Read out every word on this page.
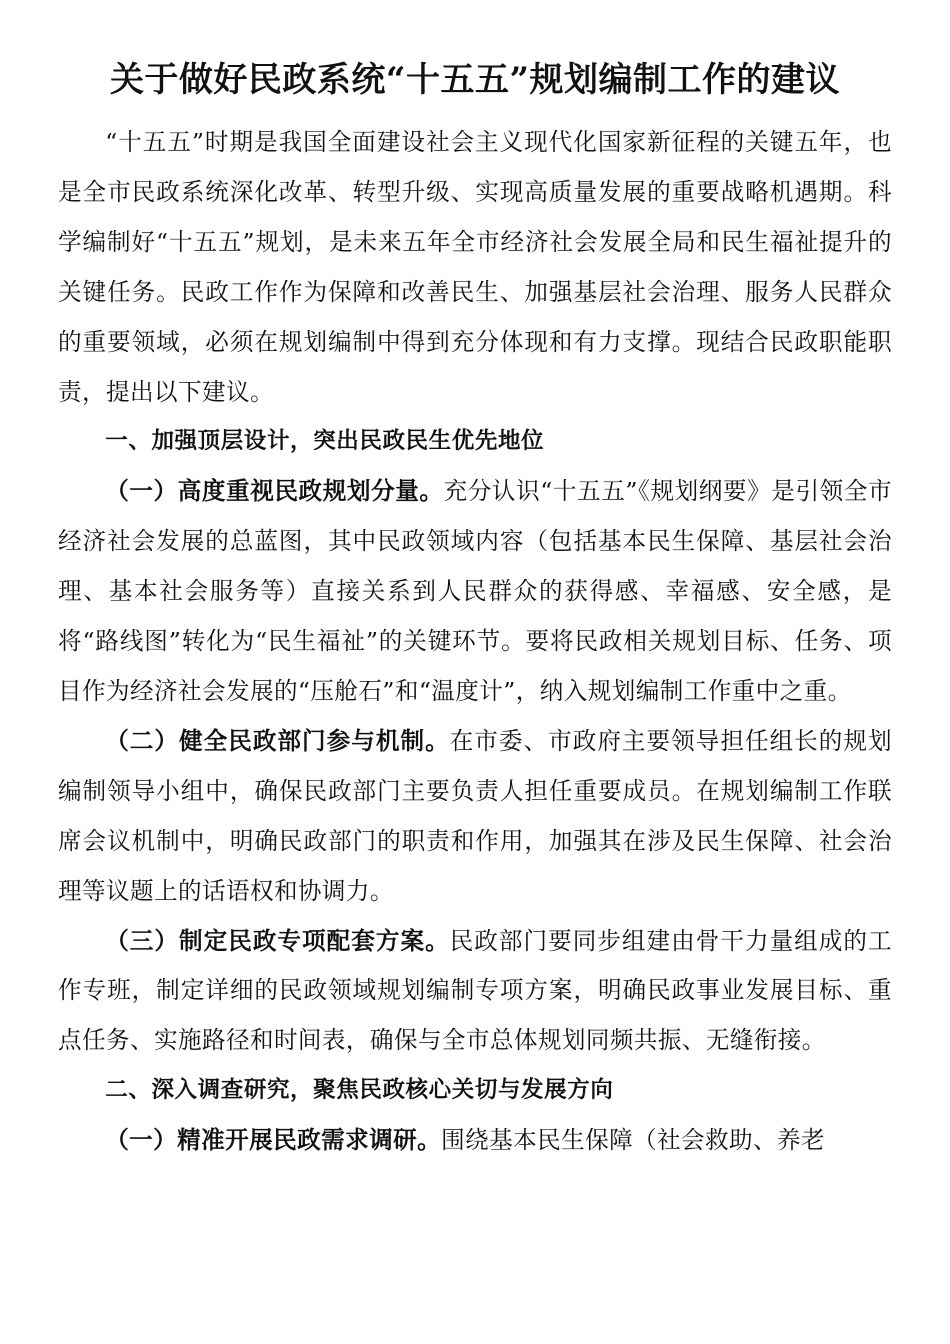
关于做好民政系统“十五五”规划编制工作的建议

“十五五”时期是我国全面建设社会主义现代化国家新征程的关键五年，也是全市民政系统深化改革、转型升级、实现高质量发展的重要战略机遇期。科学编制好“十五五”规划，是未来五年全市经济社会发展全局和民生福祉提升的关键任务。民政工作作为保障和改善民生、加强基层社会治理、服务人民群众的重要领域，必须在规划编制中得到充分体现和有力支撑。现结合民政职能职责，提出以下建议。

一、加强顶层设计，突出民政民生优先地位

（一）高度重视民政规划分量。充分认识“十五五”《规划纲要》是引领全市经济社会发展的总蓝图，其中民政领域内容（包括基本民生保障、基层社会治理、基本社会服务等）直接关系到人民群众的获得感、幸福感、安全感，是将“路线图”转化为“民生福祉”的关键环节。要将民政相关规划目标、任务、项目作为经济社会发展的“压舱石”和“温度计”，纳入规划编制工作重中之重。

（二）健全民政部门参与机制。在市委、市政府主要领导担任组长的规划编制领导小组中，确保民政部门主要负责人担任重要成员。在规划编制工作联席会议机制中，明确民政部门的职责和作用，加强其在涉及民生保障、社会治理等议题上的话语权和协调力。

（三）制定民政专项配套方案。民政部门要同步组建由骨干力量组成的工作专班，制定详细的民政领域规划编制专项方案，明确民政事业发展目标、重点任务、实施路径和时间表，确保与全市总体规划同频共振、无缝衔接。

二、深入调查研究，聚焦民政核心关切与发展方向

（一）精准开展民政需求调研。围绕基本民生保障（社会救助、养老
